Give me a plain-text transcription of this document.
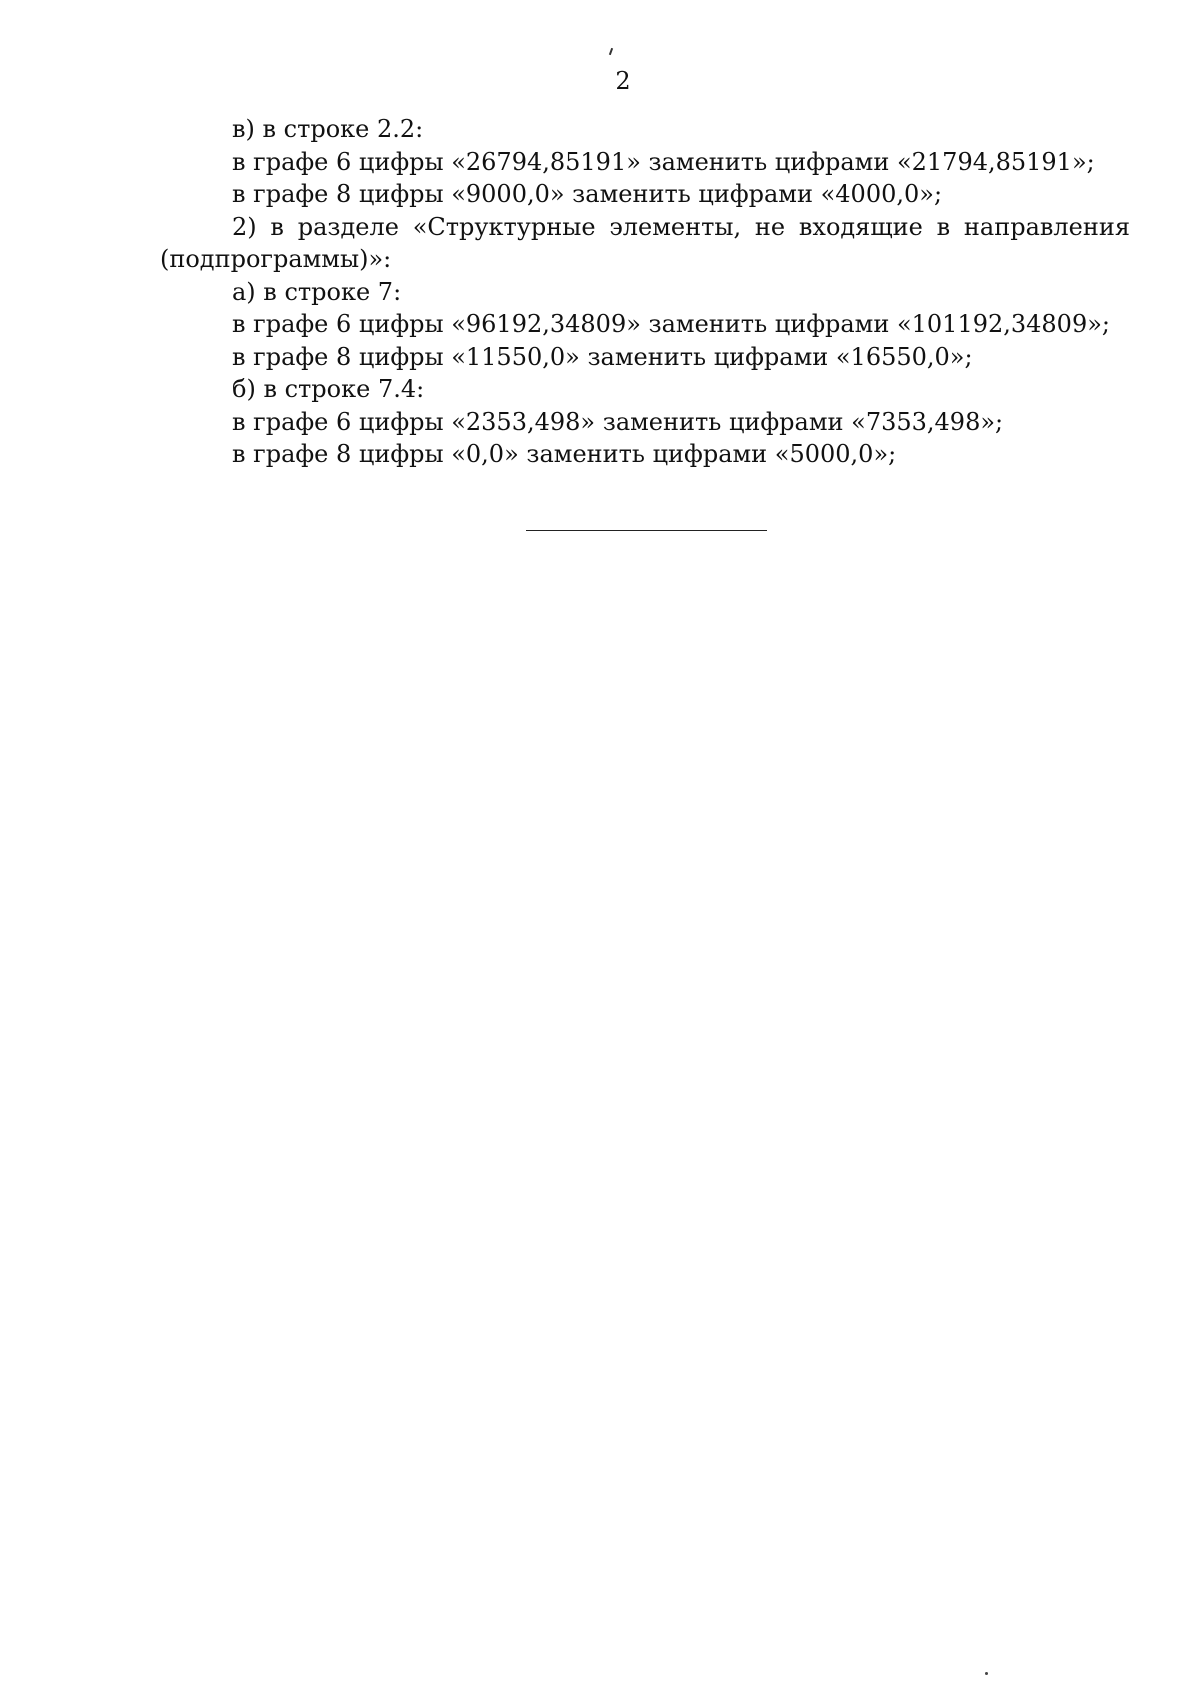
2
в) в строке 2.2:
в графе 6 цифры «26794,85191» заменить цифрами «21794,85191»;
в графе 8 цифры «9000,0» заменить цифрами «4000,0»;
2) в разделе «Структурные элементы, не входящие в направления (подпрограммы)»:
а) в строке 7:
в графе 6 цифры «96192,34809» заменить цифрами «101192,34809»;
в графе 8 цифры «11550,0» заменить цифрами «16550,0»;
б) в строке 7.4:
в графе 6 цифры «2353,498» заменить цифрами «7353,498»;
в графе 8 цифры «0,0» заменить цифрами «5000,0»;
